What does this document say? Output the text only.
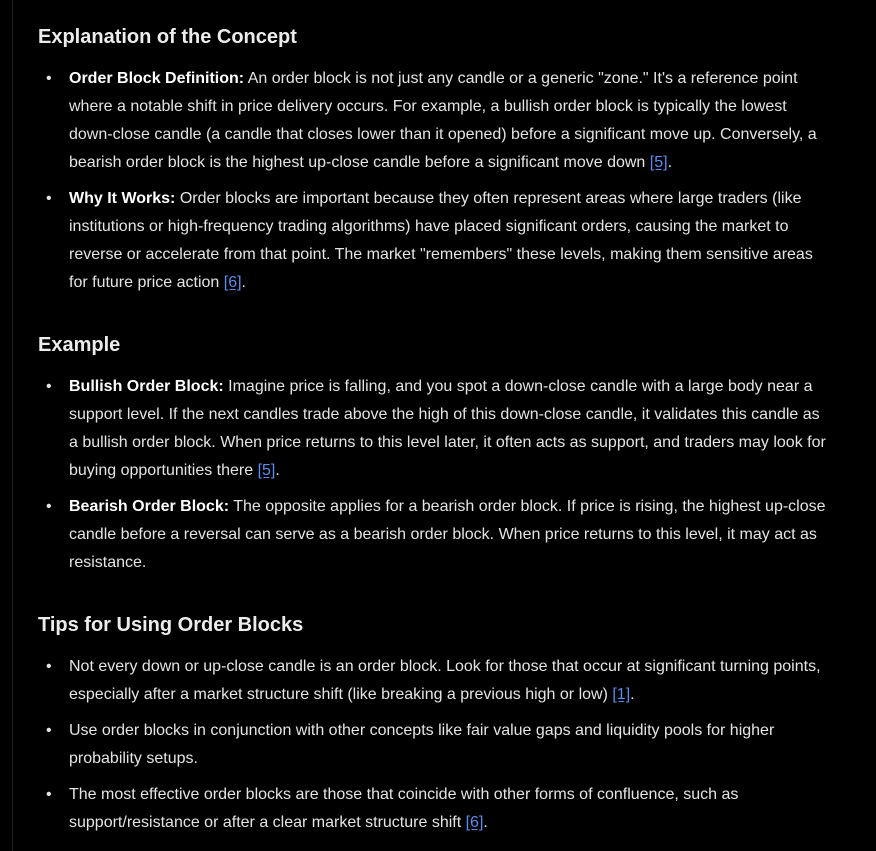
Explanation of the Concept
• Order Block Definition: An order block is not just any candle or a generic "zone." It's a reference point
where a notable shift in price delivery occurs. For example, a bullish order block is typically the lowest
down-close candle (a candle that closes lower than it opened) before a significant move up. Conversely, a
bearish order block is the highest up-close candle before a significant move down [5].
• Why It Works: Order blocks are important because they often represent areas where large traders (like
institutions or high-frequency trading algorithms) have placed significant orders, causing the market to
reverse or accelerate from that point. The market "remembers" these levels, making them sensitive areas
for future price action [6].
Example
• Bullish Order Block: Imagine price is falling, and you spot a down-close candle with a large body near a
support level. If the next candles trade above the high of this down-close candle, it validates this candle as
a bullish order block. When price returns to this level later, it often acts as support, and traders may look for
buying opportunities there [5].
• Bearish Order Block: The opposite applies for a bearish order block. If price is rising, the highest up-close
candle before a reversal can serve as a bearish order block. When price returns to this level, it may act as
resistance.
Tips for Using Order Blocks
• Not every down or up-close candle is an order block. Look for those that occur at significant turning points,
especially after a market structure shift (like breaking a previous high or low) [1].
• Use order blocks in conjunction with other concepts like fair value gaps and liquidity pools for higher
probability setups.
• The most effective order blocks are those that coincide with other forms of confluence, such as
support/resistance or after a clear market structure shift [6].
